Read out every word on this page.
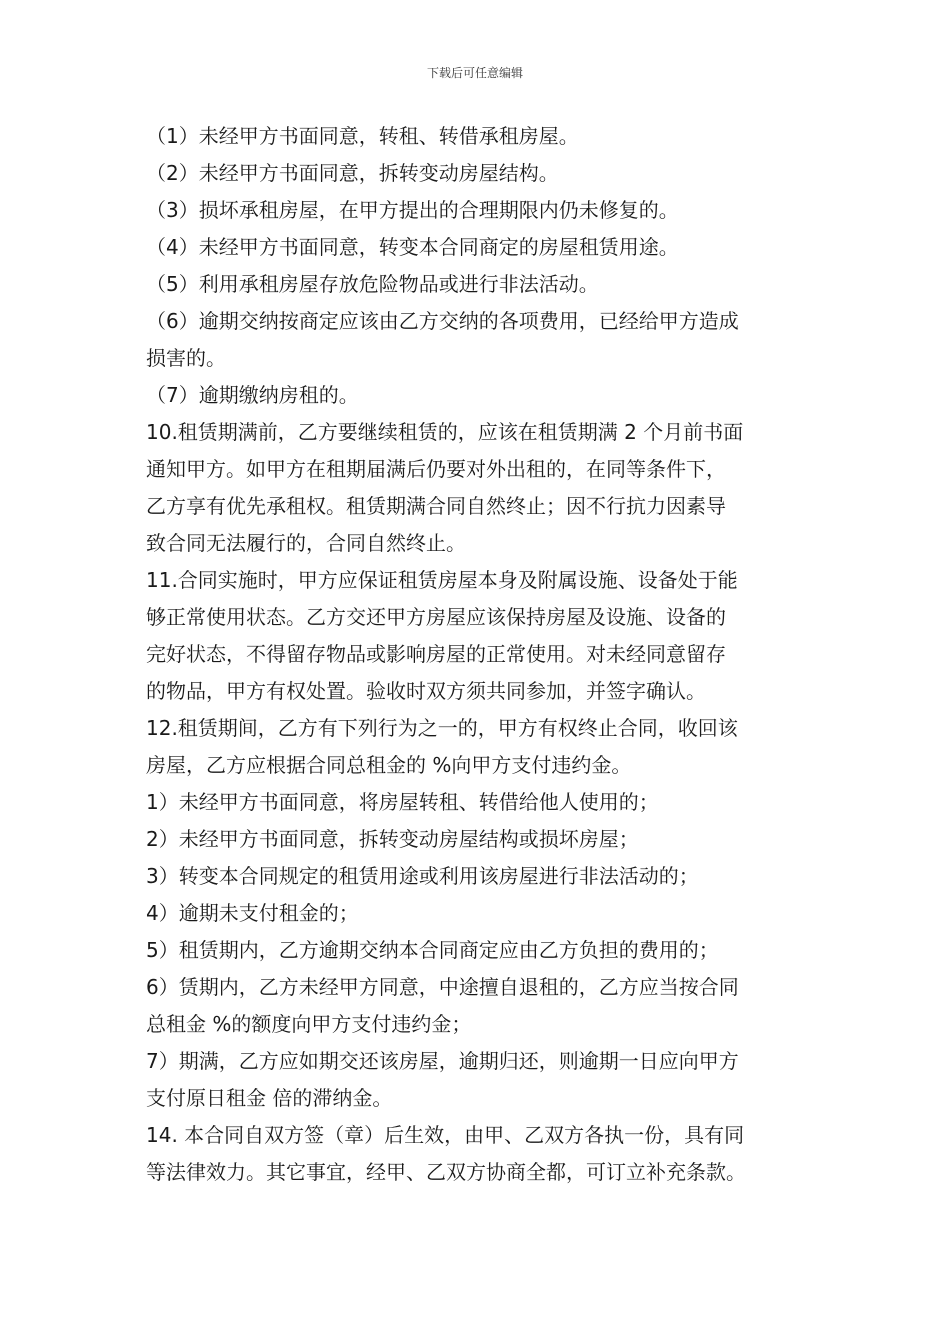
下载后可任意编辑
（1）未经甲方书面同意，转租、转借承租房屋。
（2）未经甲方书面同意，拆转变动房屋结构。
（3）损坏承租房屋，在甲方提出的合理期限内仍未修复的。
（4）未经甲方书面同意，转变本合同商定的房屋租赁用途。
（5）利用承租房屋存放危险物品或进行非法活动。
（6）逾期交纳按商定应该由乙方交纳的各项费用，已经给甲方造成
损害的。
（7）逾期缴纳房租的。
10.租赁期满前，乙方要继续租赁的，应该在租赁期满 2 个月前书面
通知甲方。如甲方在租期届满后仍要对外出租的，在同等条件下，
乙方享有优先承租权。租赁期满合同自然终止；因不行抗力因素导
致合同无法履行的，合同自然终止。
11.合同实施时，甲方应保证租赁房屋本身及附属设施、设备处于能
够正常使用状态。乙方交还甲方房屋应该保持房屋及设施、设备的
完好状态，不得留存物品或影响房屋的正常使用。对未经同意留存
的物品，甲方有权处置。验收时双方须共同参加，并签字确认。
12.租赁期间，乙方有下列行为之一的，甲方有权终止合同，收回该
房屋，乙方应根据合同总租金的 %向甲方支付违约金。
1）未经甲方书面同意，将房屋转租、转借给他人使用的；
2）未经甲方书面同意，拆转变动房屋结构或损坏房屋；
3）转变本合同规定的租赁用途或利用该房屋进行非法活动的；
4）逾期未支付租金的；
5）租赁期内，乙方逾期交纳本合同商定应由乙方负担的费用的；
6）赁期内，乙方未经甲方同意，中途擅自退租的，乙方应当按合同
总租金 %的额度向甲方支付违约金；
7）期满，乙方应如期交还该房屋，逾期归还，则逾期一日应向甲方
支付原日租金 倍的滞纳金。
14. 本合同自双方签（章）后生效，由甲、乙双方各执一份，具有同
等法律效力。其它事宜，经甲、乙双方协商全都，可订立补充条款。
